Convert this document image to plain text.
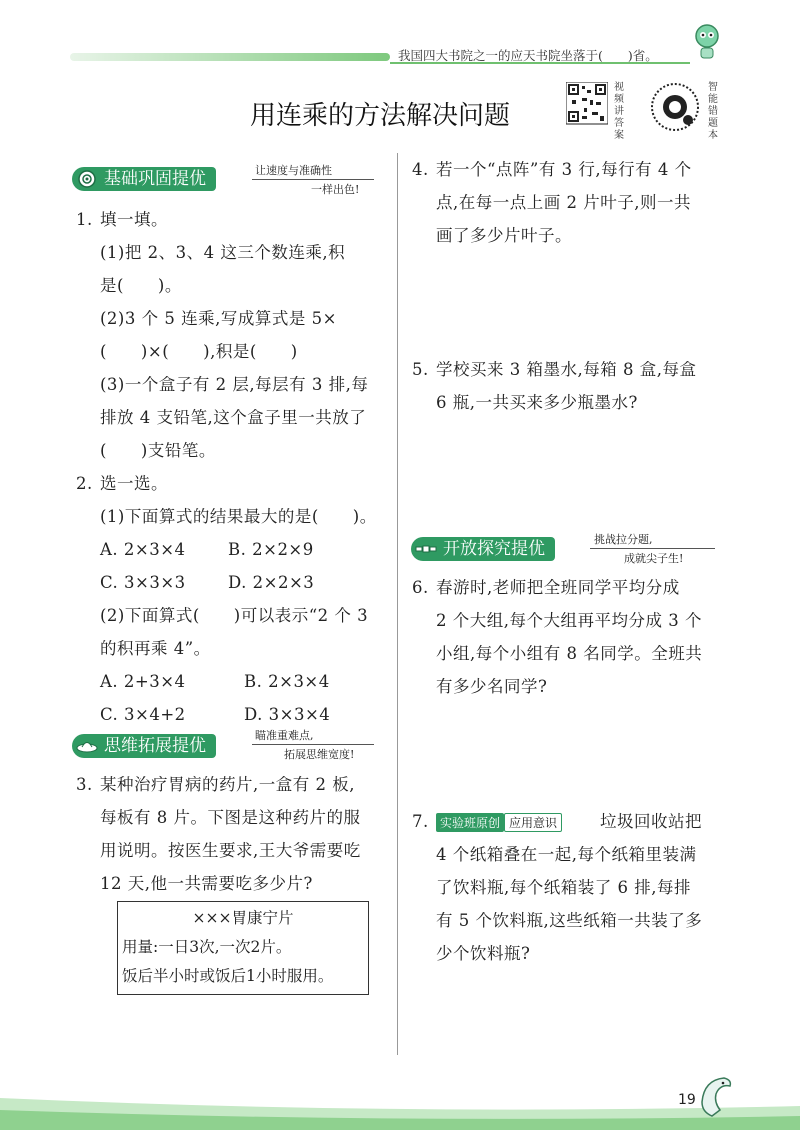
我国四大书院之一的应天书院坐落于(　　)省。
用连乘的方法解决问题
视频讲答案
智能错题本
基础巩固提优	让速度与准确性
一样出色!
1. 填一填。
(1)把 2、3、4 这三个数连乘,积
是(　　)。
(2)3 个 5 连乘,写成算式是 5×
(　　)×(　　),积是(　　)
(3)一个盒子有 2 层,每层有 3 排,每
排放 4 支铅笔,这个盒子里一共放了
(　　)支铅笔。
2. 选一选。
(1)下面算式的结果最大的是(　　)。
A. 2×3×4	B. 2×2×9
C. 3×3×3	D. 2×2×3
(2)下面算式(　　)可以表示“2 个 3
的积再乘 4”。
A. 2+3×4	B. 2×3×4
C. 3×4+2	D. 3×3×4
思维拓展提优
瞄准重难点,
拓展思维宽度!
3. 某种治疗胃病的药片,一盒有 2 板,
每板有 8 片。下图是这种药片的服
用说明。按医生要求,王大爷需要吃
12 天,他一共需要吃多少片?
×××胃康宁片
用量:一日3次,一次2片。
饭后半小时或饭后1小时服用。
4. 若一个“点阵”有 3 行,每行有 4 个
点,在每一点上画 2 片叶子,则一共
画了多少片叶子。
5. 学校买来 3 箱墨水,每箱 8 盒,每盒
6 瓶,一共买来多少瓶墨水?
开放探究提优	挑战拉分题,
成就尖子生!
6. 春游时,老师把全班同学平均分成
2 个大组,每个大组再平均分成 3 个
小组,每个小组有 8 名同学。全班共
有多少名同学?
7. 实验班原创 应用意识	垃圾回收站把
4 个纸箱叠在一起,每个纸箱里装满
了饮料瓶,每个纸箱装了 6 排,每排
有 5 个饮料瓶,这些纸箱一共装了多
少个饮料瓶?
19
